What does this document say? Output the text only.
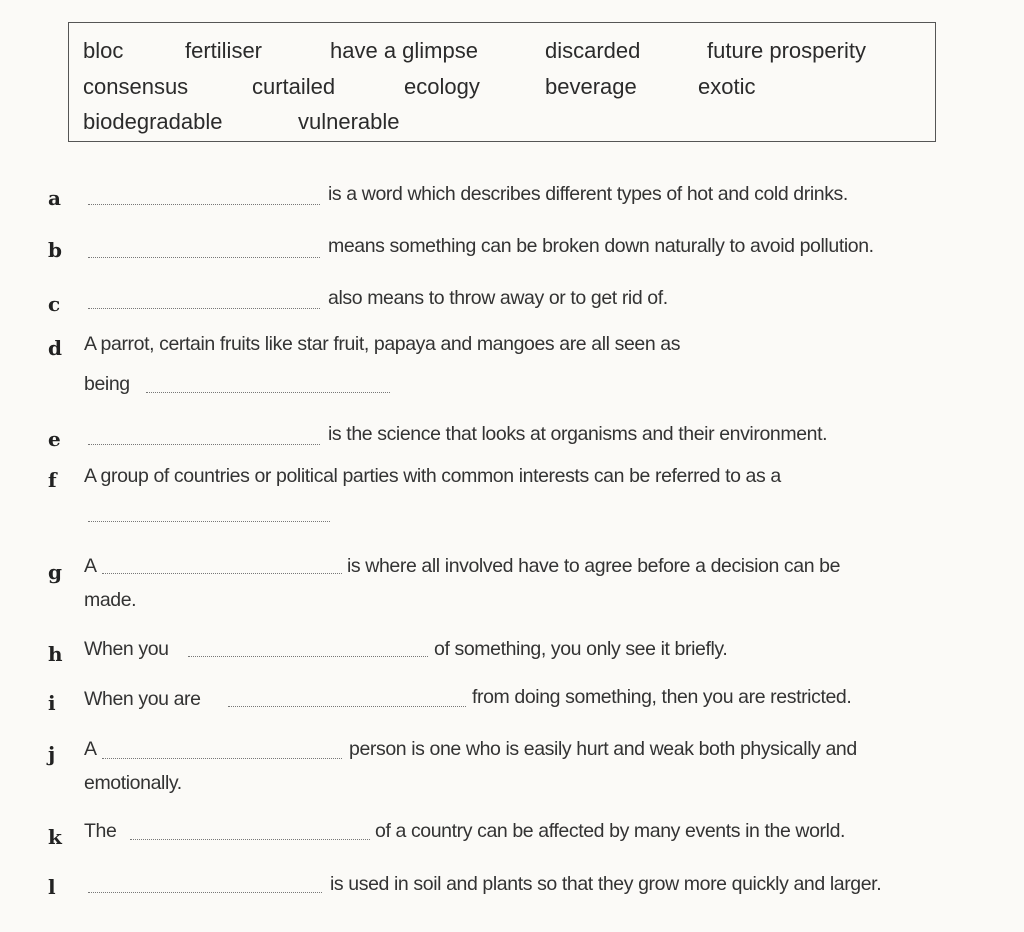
bloc	fertiliser	have a glimpse	discarded	future prosperity
consensus	curtailed	ecology	beverage	exotic
biodegradable	vulnerable
a	is a word which describes different types of hot and cold drinks.
b	means something can be broken down naturally to avoid pollution.
c	also means to throw away or to get rid of.
d A parrot, certain fruits like star fruit, papaya and mangoes are all seen as
being
e	is the science that looks at organisms and their environment.
f A group of countries or political parties with common interests can be referred to as a
g A	is where all involved have to agree before a decision can be
made.
h When you	of something, you only see it briefly.
i When you are	from doing something, then you are restricted.
j A	person is one who is easily hurt and weak both physically and
emotionally.
k The	of a country can be affected by many events in the world.
l	is used in soil and plants so that they grow more quickly and larger.
